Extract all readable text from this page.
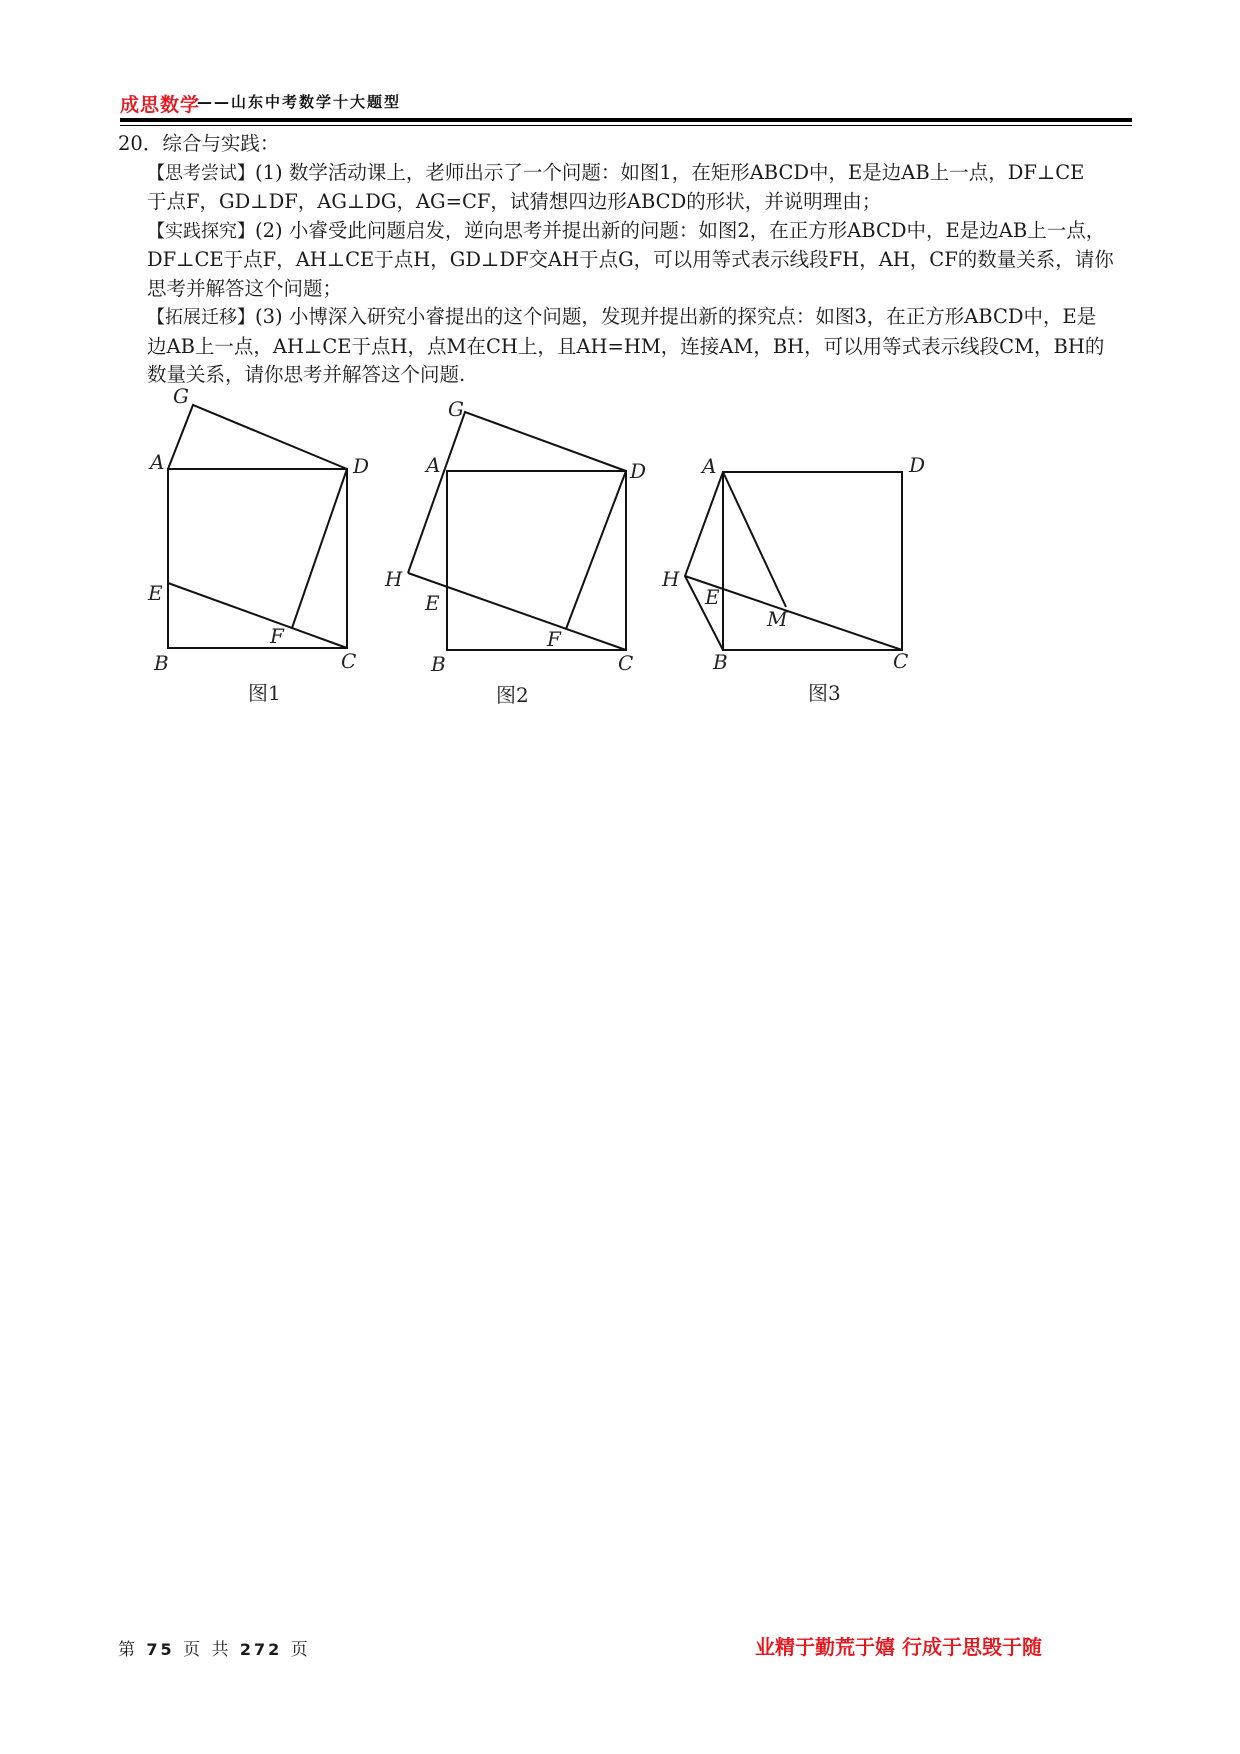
成思数学
——山东中考数学十大题型

20．综合与实践：

【思考尝试】(1) 数学活动课上，老师出示了一个问题：如图1，在矩形ABCD中，E是边AB上一点，DF⊥CE

于点F，GD⊥DF，AG⊥DG，AG=CF，试猜想四边形ABCD的形状，并说明理由；

【实践探究】(2) 小睿受此问题启发，逆向思考并提出新的问题：如图2，在正方形ABCD中，E是边AB上一点，

DF⊥CE于点F，AH⊥CE于点H，GD⊥DF交AH于点G，可以用等式表示线段FH，AH，CF的数量关系，请你

思考并解答这个问题；

【拓展迁移】(3) 小博深入研究小睿提出的这个问题，发现并提出新的探究点：如图3，在正方形ABCD中，E是

边AB上一点，AH⊥CE于点H，点M在CH上，且AH=HM，连接AM，BH，可以用等式表示线段CM，BH的

数量关系，请你思考并解答这个问题.

G
A	D
E
F
B	C
图1
G
A	D
H
E
F
B	C
图2
A	D
H
E
M
B	C
图3
第 75 页 共 272 页	业精于勤荒于嬉 行成于思毁于随
